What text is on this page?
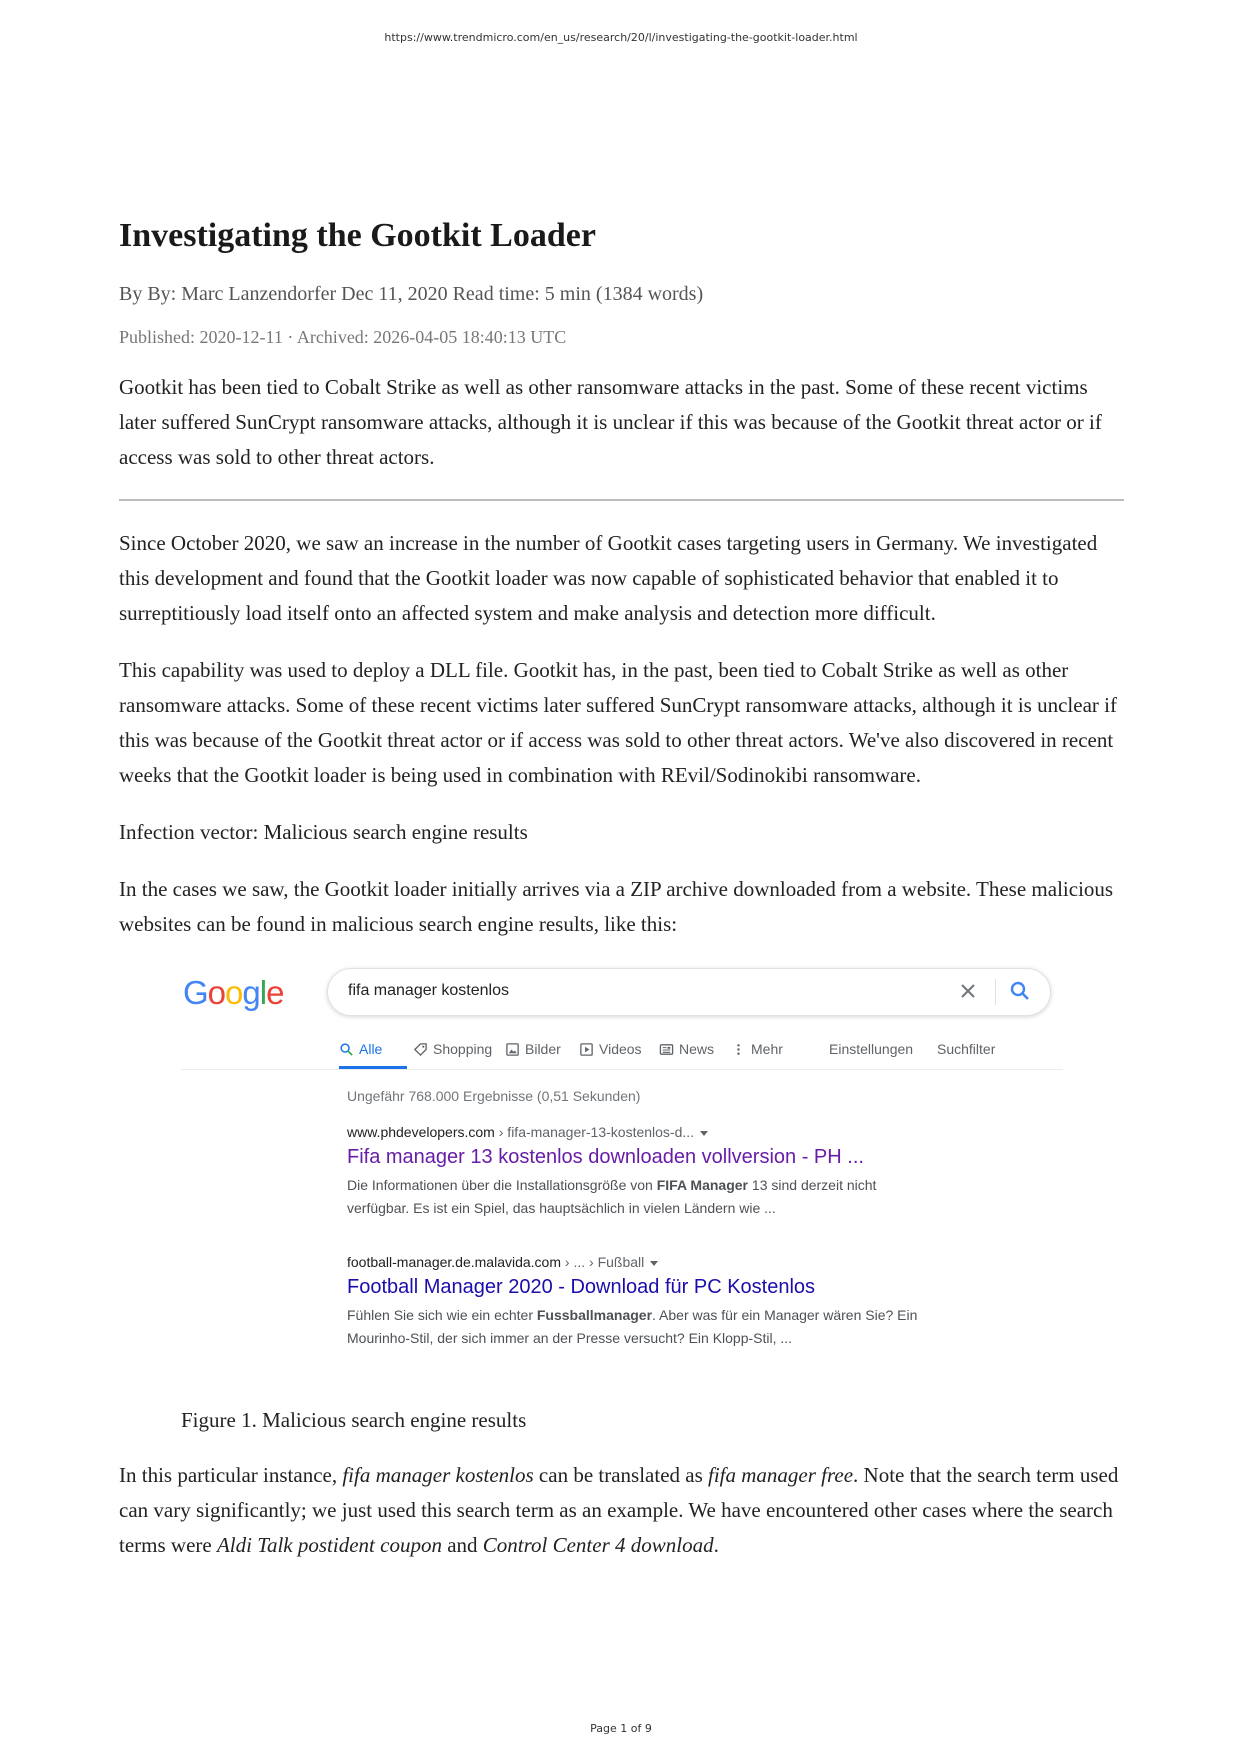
https://www.trendmicro.com/en_us/research/20/l/investigating-the-gootkit-loader.html
Investigating the Gootkit Loader
By By: Marc Lanzendorfer Dec 11, 2020 Read time: 5 min (1384 words)
Published: 2020-12-11 · Archived: 2026-04-05 18:40:13 UTC

Gootkit has been tied to Cobalt Strike as well as other ransomware attacks in the past. Some of these recent victims later suffered SunCrypt ransomware attacks, although it is unclear if this was because of the Gootkit threat actor or if access was sold to other threat actors.

Since October 2020, we saw an increase in the number of Gootkit cases targeting users in Germany. We investigated this development and found that the Gootkit loader was now capable of sophisticated behavior that enabled it to surreptitiously load itself onto an affected system and make analysis and detection more difficult.

This capability was used to deploy a DLL file. Gootkit has, in the past, been tied to Cobalt Strike as well as other ransomware attacks. Some of these recent victims later suffered SunCrypt ransomware attacks, although it is unclear if this was because of the Gootkit threat actor or if access was sold to other threat actors. We've also discovered in recent weeks that the Gootkit loader is being used in combination with REvil/Sodinokibi ransomware.

Infection vector: Malicious search engine results

In the cases we saw, the Gootkit loader initially arrives via a ZIP archive downloaded from a website. These malicious websites can be found in malicious search engine results, like this:

Google	fifa manager kostenlos
Alle	Shopping Bilder	Videos	News	Mehr	Einstellungen Suchfilter
Ungefähr 768.000 Ergebnisse (0,51 Sekunden)
www.phdevelopers.com › fifa-manager-13-kostenlos-d...
Fifa manager 13 kostenlos downloaden vollversion - PH ...
Die Informationen über die Installationsgröße von FIFA Manager 13 sind derzeit nicht
verfügbar. Es ist ein Spiel, das hauptsächlich in vielen Ländern wie ...
football-manager.de.malavida.com › ... › Fußball
Football Manager 2020 - Download für PC Kostenlos
Fühlen Sie sich wie ein echter Fussballmanager. Aber was für ein Manager wären Sie? Ein
Mourinho-Stil, der sich immer an der Presse versucht? Ein Klopp-Stil, ...
Figure 1. Malicious search engine results

In this particular instance, fifa manager kostenlos can be translated as fifa manager free. Note that the search term used can vary significantly; we just used this search term as an example. We have encountered other cases where the search terms were Aldi Talk postident coupon and Control Center 4 download.

Page 1 of 9
